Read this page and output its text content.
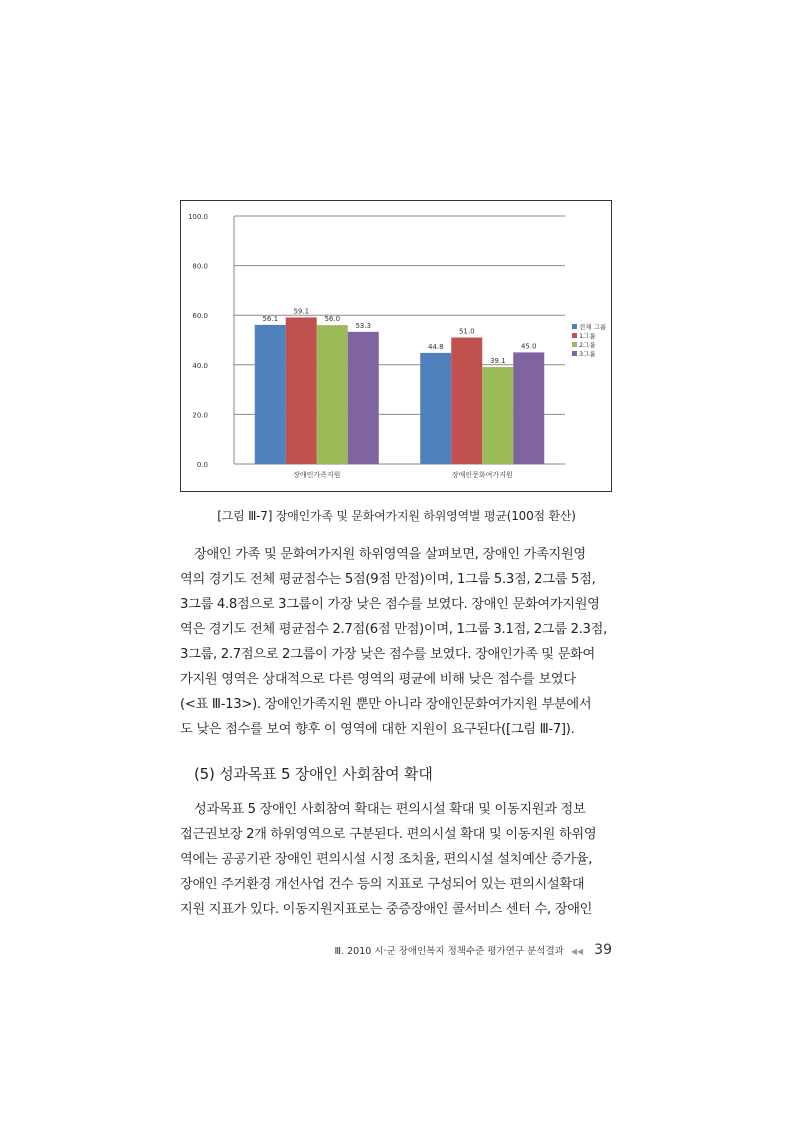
0.0
20.0
40.0
60.0
80.0
100.0
56.1
59.1
56.0
53.3
장애인가족지원
44.8
51.0
39.1
45.0
장애인문화여가지원
전체 그룹
1그룹
2그룹
3그룹
[그림 Ⅲ-7] 장애인가족 및 문화여가지원 하위영역별 평균(100점 환산)
장애인 가족 및 문화여가지원 하위영역을 살펴보면, 장애인 가족지원영
역의 경기도 전체 평균점수는 5점(9점 만점)이며, 1그룹 5.3점, 2그룹 5점,
3그룹 4.8점으로 3그룹이 가장 낮은 점수를 보였다. 장애인 문화여가지원영
역은 경기도 전체 평균점수 2.7점(6점 만점)이며, 1그룹 3.1점, 2그룹 2.3점,
3그룹, 2.7점으로 2그룹이 가장 낮은 점수를 보였다. 장애인가족 및 문화여
가지원 영역은 상대적으로 다른 영역의 평균에 비해 낮은 점수를 보였다
(<표 Ⅲ-13>). 장애인가족지원 뿐만 아니라 장애인문화여가지원 부분에서
도 낮은 점수를 보여 향후 이 영역에 대한 지원이 요구된다([그림 Ⅲ-7]).
(5) 성과목표 5 장애인 사회참여 확대
성과목표 5 장애인 사회참여 확대는 편의시설 확대 및 이동지원과 정보
접근권보장 2개 하위영역으로 구분된다. 편의시설 확대 및 이동지원 하위영
역에는 공공기관 장애인 편의시설 시정 조치율, 편의시설 설치예산 증가율,
장애인 주거환경 개선사업 건수 등의 지표로 구성되어 있는 편의시설확대
지원 지표가 있다. 이동지원지표로는 중증장애인 콜서비스 센터 수, 장애인
Ⅲ. 2010 시·군 장애인복지 정책수준 평가연구 분석결과 ◀◀ 39
